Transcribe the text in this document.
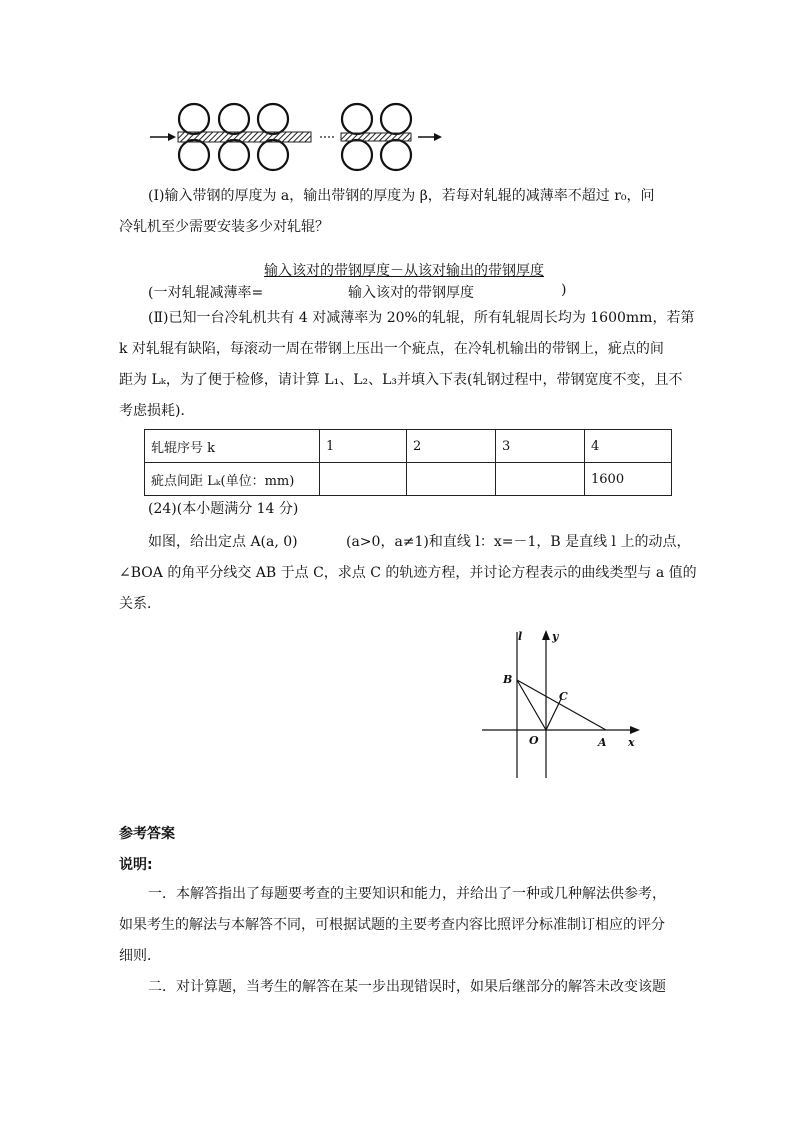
(Ⅰ)输入带钢的厚度为 a，输出带钢的厚度为 β，若每对轧辊的减薄率不超过 r₀，问
冷轧机至少需要安装多少对轧辊？
输入该对的带钢厚度－从该对输出的带钢厚度
(一对轧辊减薄率=	输入该对的带钢厚度	)
(Ⅱ)已知一台冷轧机共有 4 对减薄率为 20%的轧辊，所有轧辊周长均为 1600mm，若第
k 对轧辊有缺陷，每滚动一周在带钢上压出一个疵点，在冷轧机输出的带钢上，疵点的间
距为 Lₖ，为了便于检修，请计算 L₁、L₂、L₃并填入下表(轧钢过程中，带钢宽度不变，且不
考虑损耗)．
轧辊序号 k	1	2	3	4
疵点间距 Lₖ(单位：mm)				1600
(24)(本小题满分 14 分)
如图，给出定点 A(a, 0)	(a>0，a≠1)和直线 l：x=－1，B 是直线 l 上的动点，
∠BOA 的角平分线交 AB 于点 C，求点 C 的轨迹方程，并讨论方程表示的曲线类型与 a 值的
关系．
l	y
B
C
O	A x
参考答案
说明:
一．本解答指出了每题要考查的主要知识和能力，并给出了一种或几种解法供参考，
如果考生的解法与本解答不同，可根据试题的主要考查内容比照评分标准制订相应的评分
细则．
二．对计算题，当考生的解答在某一步出现错误时，如果后继部分的解答未改变该题
